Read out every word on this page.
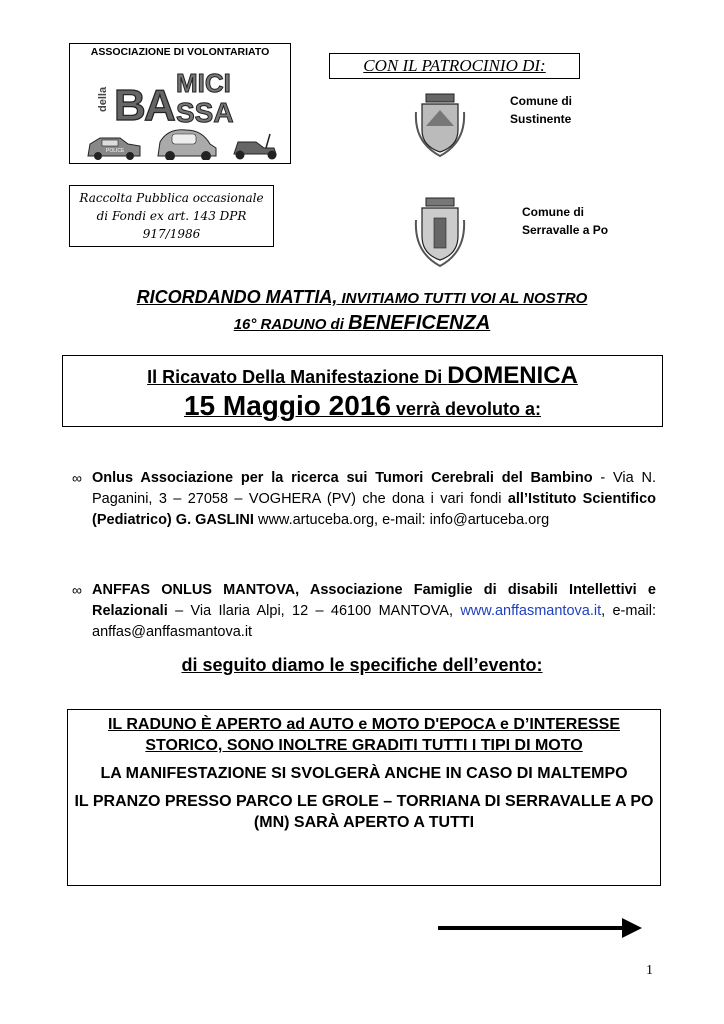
ASSOCIAZIONE DI VOLONTARIATO
della B
A MICI
SSA
POLICE
Raccolta Pubblica occasionale
di Fondi ex art. 143 DPR
917/1986
CON IL PATROCINIO DI:
Comune di
Sustinente
Comune di
Serravalle a Po
RICORDANDO MATTIA, INVITIAMO TUTTI VOI AL NOSTRO
16° RADUNO di BENEFICENZA
Il Ricavato Della Manifestazione Di DOMENICA
15 Maggio 2016 verrà devoluto a:
∞ Onlus Associazione per la ricerca sui Tumori Cerebrali del Bambino - Via N. Paganini, 3 – 27058 – VOGHERA (PV) che dona i vari fondi all’Istituto Scientifico (Pediatrico) G. GASLINI www.artuceba.org, e-mail: info@artuceba.org
∞ ANFFAS ONLUS MANTOVA, Associazione Famiglie di disabili Intellettivi e Relazionali – Via Ilaria Alpi, 12 – 46100 MANTOVA, www.anffasmantova.it, e-mail: anffas@anffasmantova.it
di seguito diamo le specifiche dell’evento:

IL RADUNO È APERTO ad AUTO e MOTO D'EPOCA e D’INTERESSE STORICO, SONO INOLTRE GRADITI TUTTI I TIPI DI MOTO

LA MANIFESTAZIONE SI SVOLGERÀ ANCHE IN CASO DI MALTEMPO

IL PRANZO PRESSO PARCO LE GROLE – TORRIANA DI SERRAVALLE A PO (MN) SARÀ APERTO A TUTTI

1
